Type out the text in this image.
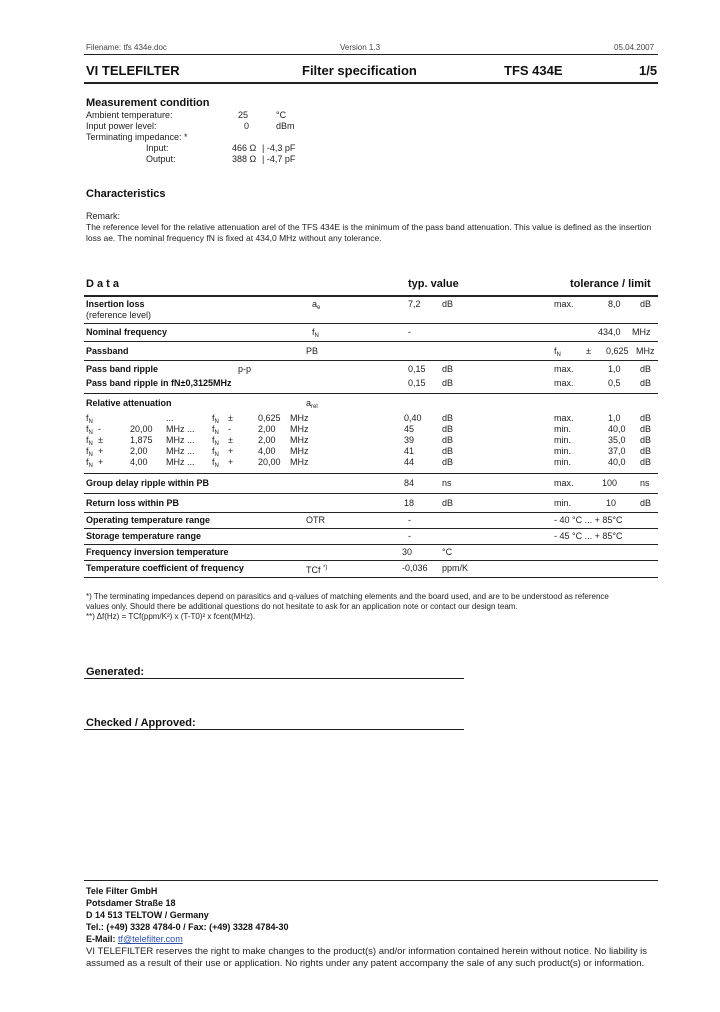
Filename: tfs 434e.doc	Version 1.3	05.04.2007
VI TELEFILTER	Filter specification	TFS 434E	1/5
Measurement condition
Ambient temperature:	25	°C
Input power level:	0	dBm
Terminating impedance: *
Input:	466 Ω | -4,3 pF
Output:	388 Ω | -4,7 pF
Characteristics
Remark:
The reference level for the relative attenuation arel of the TFS 434E is the minimum of the pass band attenuation. This value is defined as the insertion
loss ae. The nominal frequency fN is fixed at 434,0 MHz without any tolerance.
D a t a	typ. value	tolerance / limit
Insertion loss	$a_e$	7,2 dB	max.	8,0 dB
(reference level)
Nominal frequency	$f_N$	-	434,0 MHz
Passband	PB	$f_N$	± 0,625 MHz
Pass band ripple	p-p	0,15 dB	max.	1,0 dB
Pass band ripple in fN±0,3125MHz	0,15 dB	max.	0,5 dB
Relative attenuation	$a_{rel}$
$f_N$	...	$f_N$ ±	0,625 MHz	0,40 dB	max.	1,0 dB
$f_N$ -	20,00 MHz ... $f_N$ -	2,00 MHz	45	dB	min.	40,0 dB
$f_N$ ±	1,875 MHz ... $f_N$ ±	2,00 MHz	39	dB	min.	35,0 dB
$f_N$ +	2,00 MHz ... $f_N$ +	4,00 MHz	41	dB	min.	37,0 dB
$f_N$ +	4,00 MHz ... $f_N$ +	20,00 MHz	44	dB	min.	40,0 dB
Group delay ripple within PB	84	ns	max.	100	ns
Return loss within PB	18	dB	min.	10	dB
Operating temperature range	OTR	-	- 40 °C ... + 85°C
Storage temperature range	-	- 45 °C ... + 85°C
Frequency inversion temperature	30	°C
Temperature coefficient of frequency	TCf *)	-0,036 ppm/K
*) The terminating impedances depend on parasitics and q-values of matching elements and the board used, and are to be understood as reference
values only. Should there be additional questions do not hesitate to ask for an application note or contact our design team.
**) Δf(Hz) = TCf(ppm/K²) x (T-T0)² x fcent(MHz).
Generated:
Checked / Approved:
Tele Filter GmbH
Potsdamer Straße 18
D 14 513 TELTOW / Germany
Tel.: (+49) 3328 4784-0 / Fax: (+49) 3328 4784-30
E-Mail: tf@telefilter.com
VI TELEFILTER reserves the right to make changes to the product(s) and/or information contained herein without notice. No liability is
assumed as a result of their use or application. No rights under any patent accompany the sale of any such product(s) or information.
